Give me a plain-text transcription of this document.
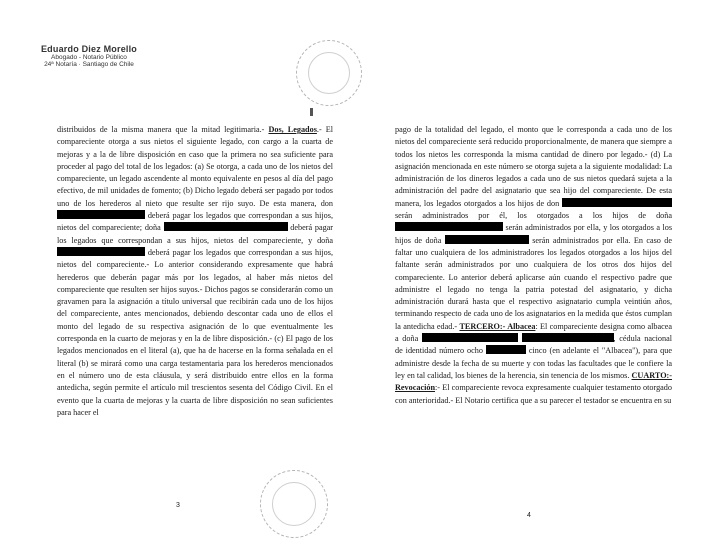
Eduardo Diez Morello
Abogado - Notario Público
24ª Notaría · Santiago de Chile

distribuidos de la misma manera que la mitad legitimaria.- Dos, Legados.- El compareciente otorga a sus nietos el siguiente legado, con cargo a la cuarta de mejoras y a la de libre disposición en caso que la primera no sea suficiente para proceder al pago del total de los legados: (a) Se otorga, a cada uno de los nietos del compareciente, un legado ascendente al monto equivalente en pesos al día del pago efectivo, de mil unidades de fomento; (b) Dicho legado deberá ser pagado por todos uno de los herederos al nieto que resulte ser rijo suyo. De esta manera, don  deberá pagar los legados que correspondan a sus hijos, nietos del compareciente; doña	deberá pagar los legados que correspondan a sus hijos, nietos del compareciente, y doña  deberá pagar los legados que correspondan a sus hijos, nietos del compareciente.- Lo anterior considerando expresamente que habrá herederos que deberán pagar más por los legados, al haber más nietos del compareciente que resulten ser hijos suyos.- Dichos pagos se considerarán como un gravamen para la asignación a título universal que recibirán cada uno de los hijos del compareciente, antes mencionados, debiendo descontar cada uno de ellos el monto del legado de su respectiva asignación de lo que eventualmente les corresponda en la cuarto de mejoras y en la de libre disposición.- (c) El pago de los legados mencionados en el literal (a), que ha de hacerse en la forma señalada en el literal (b) se mirará como una carga testamentaria para los herederos mencionados en el número uno de esta cláusula, y será distribuido entre ellos en la forma antedicha, según permite el artículo mil trescientos sesenta del Código Civil. En el evento que la cuarta de mejoras y la cuarta de libre disposición no sean suficientes para hacer el

pago de la totalidad del legado, el monto que le corresponda a cada uno de los nietos del compareciente será reducido proporcionalmente, de manera que siempre a todos los nietos les corresponda la misma cantidad de dinero por legado.- (d) La asignación mencionada en este número se otorga sujeta a la siguiente modalidad: La administración de los dineros legados a cada uno de sus nietos quedará sujeta a la administración del padre del asignatario que sea hijo del compareciente. De esta manera, los legados otorgados a los hijos de don  serán administrados por él, los otorgados a los hijos de doña  serán administrados por ella, y los otorgados a los hijos de doña	serán administrados por ella. En caso de faltar uno cualquiera de los administradores los legados otorgados a los hijos del faltante serán administrados por uno cualquiera de los otros dos hijos del compareciente. Lo anterior deberá aplicarse aún cuando el respectivo padre que administre el legado no tenga la patria potestad del asignatario, y dicha administración durará hasta que el respectivo asignatario cumpla veintiún años, terminando respecto de cada uno de los asignatarios en la medida que éstos cumplan la antedicha edad.- TERCERO:- Albacea: El compareciente designa como albacea a doña	, cédula nacional de identidad número ocho	cinco (en adelante el "Albacea"), para que administre desde la fecha de su muerte y con todas las facultades que le confiere la ley en tal calidad, los bienes de la herencia, sin tenencia de los mismos. CUARTO:- Revocación:- El compareciente revoca expresamente cualquier testamento otorgado con anterioridad.- El Notario certifica que a su parecer el testador se encuentra en su

3
4
